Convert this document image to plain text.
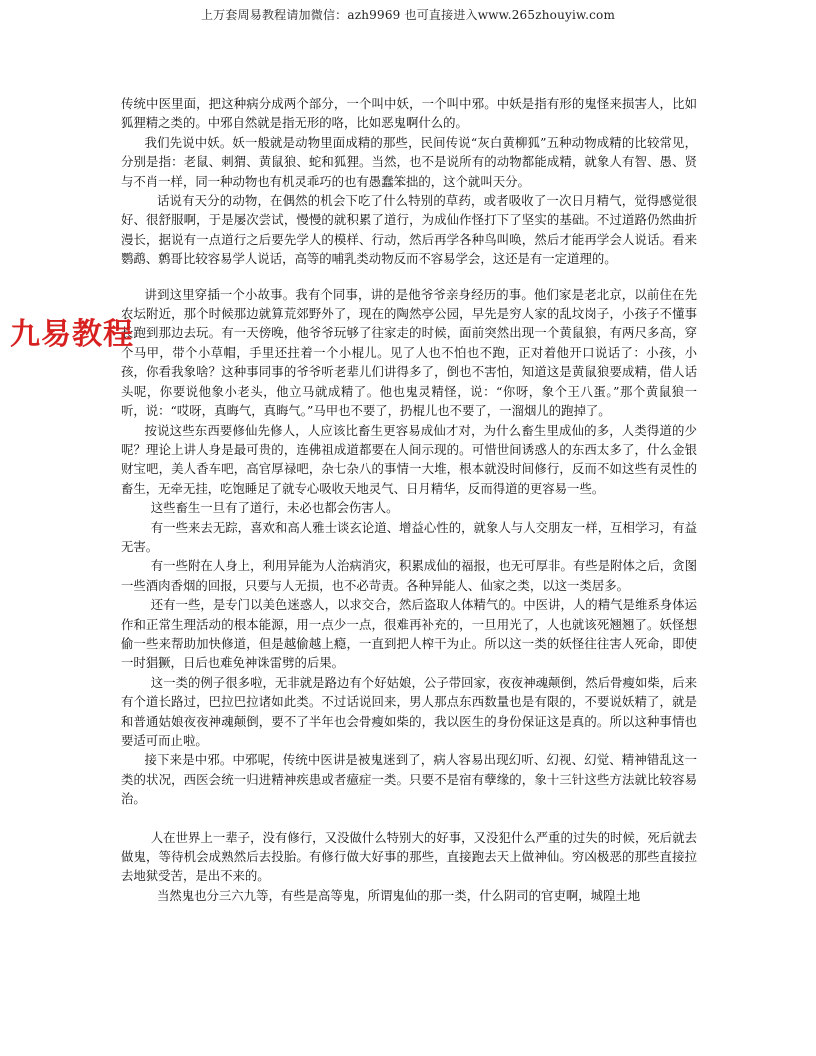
上万套周易教程请加微信：azh9969 也可直接进入www.265zhouyiw.com

传统中医里面，把这种病分成两个部分，一个叫中妖，一个叫中邪。中妖是指有形的鬼怪来损害人，比如狐狸精之类的。中邪自然就是指无形的咯，比如恶鬼啊什么的。

我们先说中妖。妖一般就是动物里面成精的那些，民间传说“灰白黄柳狐”五种动物成精的比较常见，分别是指：老鼠、刺猬、黄鼠狼、蛇和狐狸。当然，也不是说所有的动物都能成精，就象人有智、愚、贤与不肖一样，同一种动物也有机灵乖巧的也有愚蠢笨拙的，这个就叫天分。

话说有天分的动物，在偶然的机会下吃了什么特别的草药，或者吸收了一次日月精气，觉得感觉很好、很舒服啊，于是屡次尝试，慢慢的就积累了道行，为成仙作怪打下了坚实的基础。不过道路仍然曲折漫长，据说有一点道行之后要先学人的模样、行动，然后再学各种鸟叫唤，然后才能再学会人说话。看来鹦鹉、鹩哥比较容易学人说话，高等的哺乳类动物反而不容易学会，这还是有一定道理的。

讲到这里穿插一个小故事。我有个同事，讲的是他爷爷亲身经历的事。他们家是老北京，以前住在先农坛附近，那个时候那边就算荒郊野外了，现在的陶然亭公园，早先是穷人家的乱坟岗子，小孩子不懂事长跑到那边去玩。有一天傍晚，他爷爷玩够了往家走的时候，面前突然出现一个黄鼠狼，有两尺多高，穿个马甲，带个小草帽，手里还拄着一个小棍儿。见了人也不怕也不跑，正对着他开口说话了：小孩，小孩，你看我象啥？这种事同事的爷爷听老辈儿们讲得多了，倒也不害怕，知道这是黄鼠狼要成精，借人话头呢，你要说他象小老头，他立马就成精了。他也鬼灵精怪，说：“你呀，象个王八蛋。”那个黄鼠狼一听，说：“哎呀，真晦气，真晦气。”马甲也不要了，扔棍儿也不要了，一溜烟儿的跑掉了。

按说这些东西要修仙先修人，人应该比畜生更容易成仙才对，为什么畜生里成仙的多，人类得道的少呢？理论上讲人身是最可贵的，连佛祖成道都要在人间示现的。可惜世间诱惑人的东西太多了，什么金银财宝吧，美人香车吧，高官厚禄吧，杂七杂八的事情一大堆，根本就没时间修行，反而不如这些有灵性的畜生，无牵无挂，吃饱睡足了就专心吸收天地灵气、日月精华，反而得道的更容易一些。

这些畜生一旦有了道行，未必也都会伤害人。

有一些来去无踪，喜欢和高人雅士谈玄论道、增益心性的，就象人与人交朋友一样，互相学习，有益无害。

有一些附在人身上，利用异能为人治病消灾，积累成仙的福报，也无可厚非。有些是附体之后，贪图一些酒肉香烟的回报，只要与人无损，也不必苛责。各种异能人、仙家之类，以这一类居多。

还有一些，是专门以美色迷惑人，以求交合，然后盗取人体精气的。中医讲，人的精气是维系身体运作和正常生理活动的根本能源，用一点少一点，很难再补充的，一旦用光了，人也就该死翘翘了。妖怪想偷一些来帮助加快修道，但是越偷越上瘾，一直到把人榨干为止。所以这一类的妖怪往往害人死命，即使一时猖獗，日后也难免神诛雷劈的后果。

这一类的例子很多啦，无非就是路边有个好姑娘，公子带回家，夜夜神魂颠倒，然后骨瘦如柴，后来有个道长路过，巴拉巴拉诸如此类。不过话说回来，男人那点东西数量也是有限的，不要说妖精了，就是和普通姑娘夜夜神魂颠倒，要不了半年也会骨瘦如柴的，我以医生的身份保证这是真的。所以这种事情也要适可而止啦。

接下来是中邪。中邪呢，传统中医讲是被鬼迷到了，病人容易出现幻听、幻视、幻觉、精神错乱这一类的状况，西医会统一归进精神疾患或者癔症一类。只要不是宿有孽缘的，象十三针这些方法就比较容易治。

人在世界上一辈子，没有修行，又没做什么特别大的好事，又没犯什么严重的过失的时候，死后就去做鬼，等待机会成熟然后去投胎。有修行做大好事的那些，直接跑去天上做神仙。穷凶极恶的那些直接拉去地狱受苦，是出不来的。

当然鬼也分三六九等，有些是高等鬼，所谓鬼仙的那一类，什么阴司的官吏啊，城隍土地

九易教程
